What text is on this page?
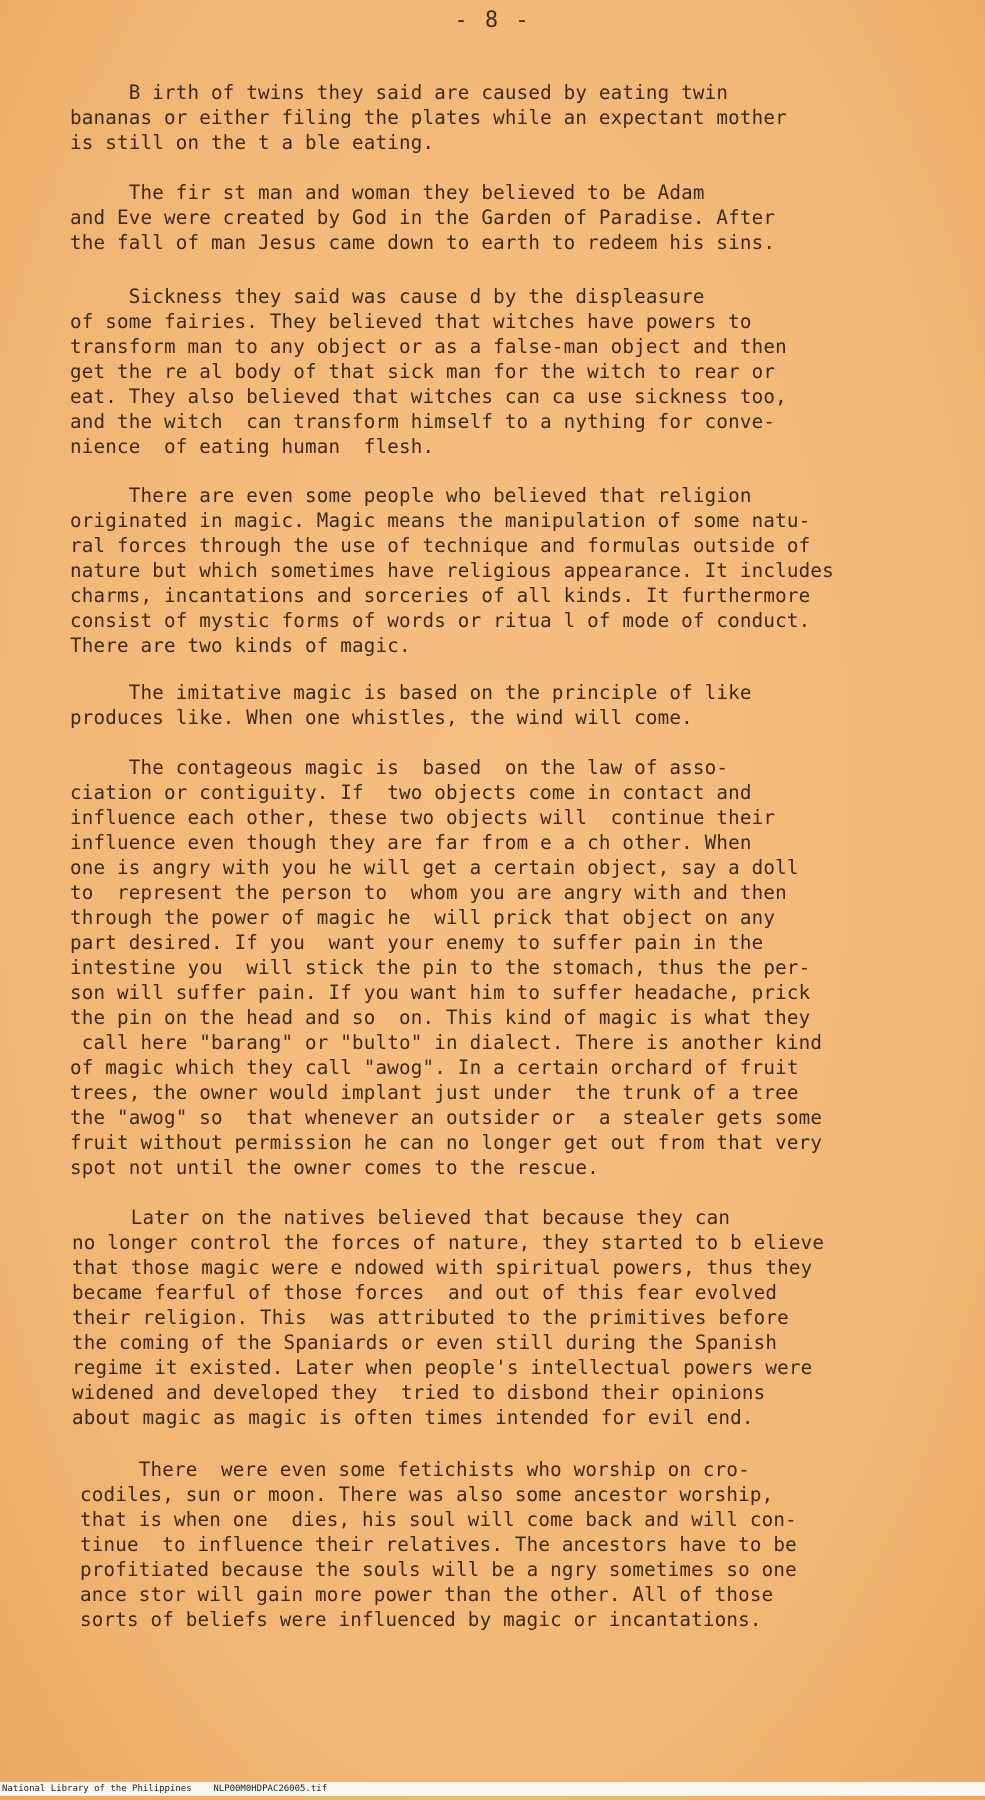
- 8 -
B irth of twins they said are caused by eating twin
bananas or either filing the plates while an expectant mother
is still on the t a ble eating.
The fir st man and woman they believed to be Adam
and Eve were created by God in the Garden of Paradise. After
the fall of man Jesus came down to earth to redeem his sins.
Sickness they said was cause d by the displeasure
of some fairies. They believed that witches have powers to
transform man to any object or as a false-man object and then
get the re al body of that sick man for the witch to rear or
eat. They also believed that witches can ca use sickness too,
and the witch  can transform himself to a nything for conve-
nience  of eating human  flesh.
There are even some people who believed that religion
originated in magic. Magic means the manipulation of some natu-
ral forces through the use of technique and formulas outside of
nature but which sometimes have religious appearance. It includes
charms, incantations and sorceries of all kinds. It furthermore
consist of mystic forms of words or ritua l of mode of conduct.
There are two kinds of magic.
The imitative magic is based on the principle of like
produces like. When one whistles, the wind will come.
The contageous magic is  based  on the law of asso-
ciation or contiguity. If  two objects come in contact and
influence each other, these two objects will  continue their
influence even though they are far from e a ch other. When
one is angry with you he will get a certain object, say a doll
to  represent the person to  whom you are angry with and then
through the power of magic he  will prick that object on any
part desired. If you  want your enemy to suffer pain in the
intestine you  will stick the pin to the stomach, thus the per-
son will suffer pain. If you want him to suffer headache, prick
the pin on the head and so  on. This kind of magic is what they
call here "barang" or "bulto" in dialect. There is another kind
of magic which they call "awog". In a certain orchard of fruit
trees, the owner would implant just under  the trunk of a tree
the "awog" so  that whenever an outsider or  a stealer gets some
fruit without permission he can no longer get out from that very
spot not until the owner comes to the rescue.
Later on the natives believed that because they can
no longer control the forces of nature, they started to b elieve
that those magic were e ndowed with spiritual powers, thus they
became fearful of those forces  and out of this fear evolved
their religion. This  was attributed to the primitives before
the coming of the Spaniards or even still during the Spanish
regime it existed. Later when people's intellectual powers were
widened and developed they  tried to disbond their opinions
about magic as magic is often times intended for evil end.
There  were even some fetichists who worship on cro-
codiles, sun or moon. There was also some ancestor worship,
that is when one  dies, his soul will come back and will con-
tinue  to influence their relatives. The ancestors have to be
profitiated because the souls will be a ngry sometimes so one
ance stor will gain more power than the other. All of those
sorts of beliefs were influenced by magic or incantations.
National Library of the Philippines    NLP00M0HDPAC26005.tif
